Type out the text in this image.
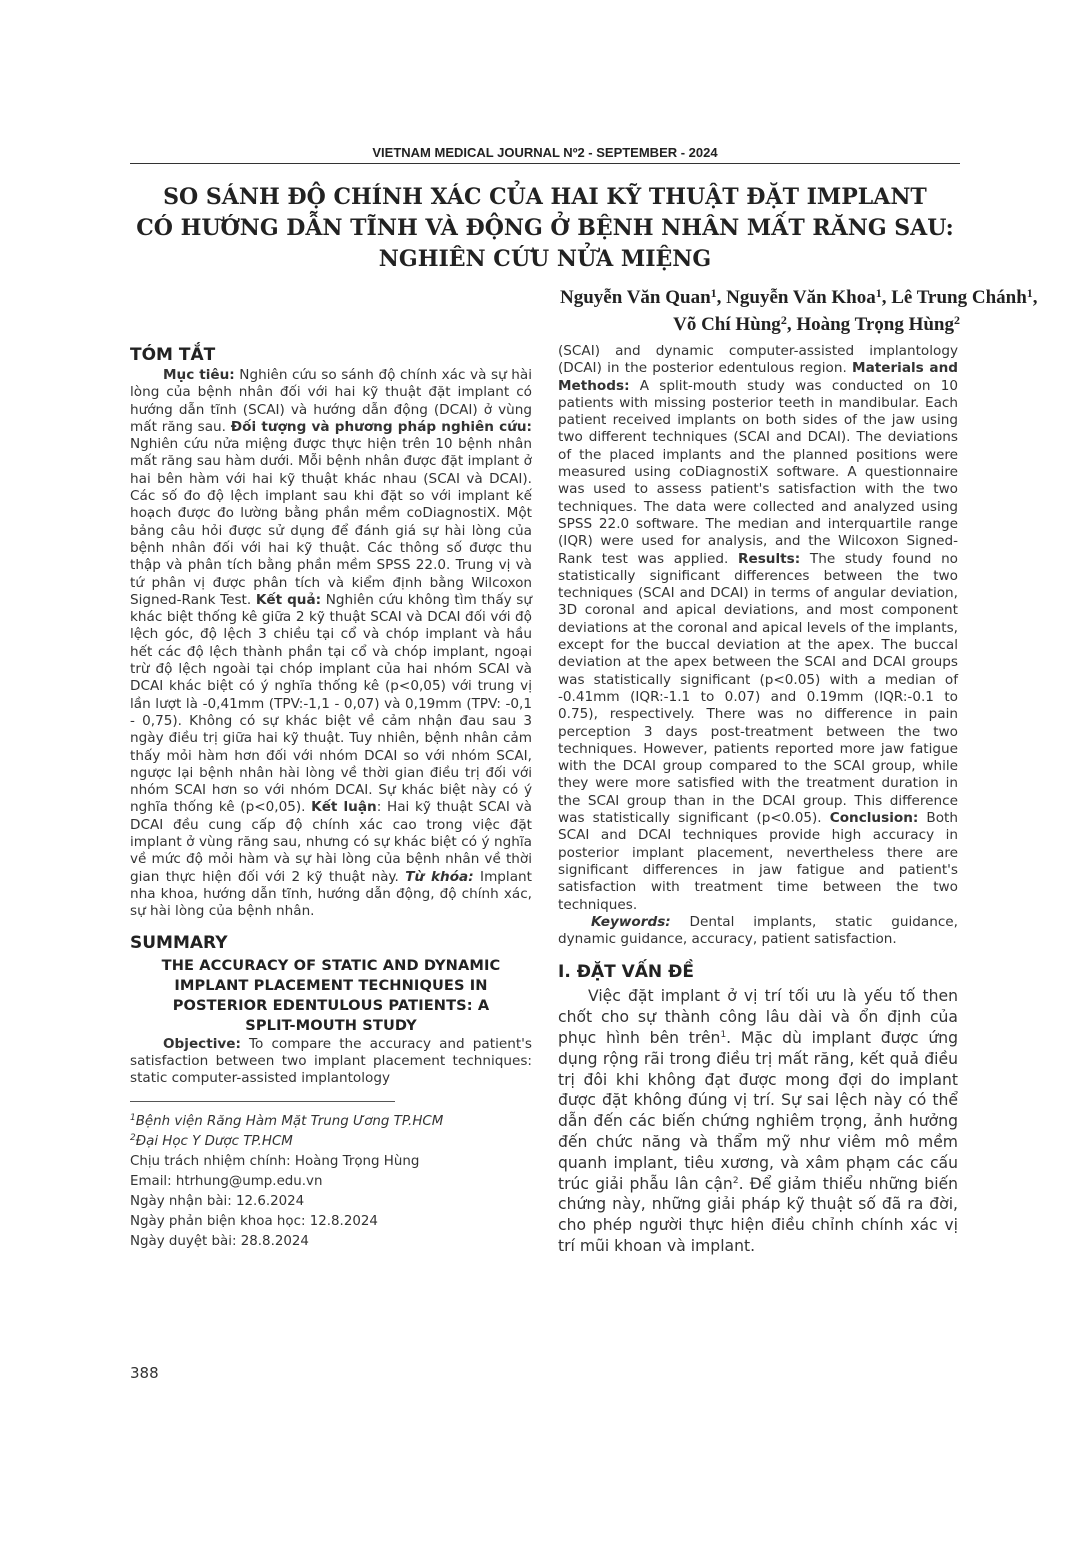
VIETNAM MEDICAL JOURNAL Nº2 - SEPTEMBER - 2024
SO SÁNH ĐỘ CHÍNH XÁC CỦA HAI KỸ THUẬT ĐẶT IMPLANT
CÓ HƯỚNG DẪN TĨNH VÀ ĐỘNG Ở BỆNH NHÂN MẤT RĂNG SAU:
NGHIÊN CỨU NỬA MIỆNG
Nguyễn Văn Quan$^1$, Nguyễn Văn Khoa$^1$, Lê Trung Chánh$^1$,
Võ Chí Hùng$^2$, Hoàng Trọng Hùng$^2$
TÓM TẮT

Mục tiêu: Nghiên cứu so sánh độ chính xác và sự hài lòng của bệnh nhân đối với hai kỹ thuật đặt implant có hướng dẫn tĩnh (SCAI) và hướng dẫn động (DCAI) ở vùng mất răng sau. Đối tượng và phương pháp nghiên cứu: Nghiên cứu nửa miệng được thực hiện trên 10 bệnh nhân mất răng sau hàm dưới. Mỗi bệnh nhân được đặt implant ở hai bên hàm với hai kỹ thuật khác nhau (SCAI và DCAI). Các số đo độ lệch implant sau khi đặt so với implant kế hoạch được đo lường bằng phần mềm coDiagnostiX. Một bảng câu hỏi được sử dụng để đánh giá sự hài lòng của bệnh nhân đối với hai kỹ thuật. Các thông số được thu thập và phân tích bằng phần mềm SPSS 22.0. Trung vị và tứ phân vị được phân tích và kiểm định bằng Wilcoxon Signed-Rank Test. Kết quả: Nghiên cứu không tìm thấy sự khác biệt thống kê giữa 2 kỹ thuật SCAI và DCAI đối với độ lệch góc, độ lệch 3 chiều tại cổ và chóp implant và hầu hết các độ lệch thành phần tại cổ và chóp implant, ngoại trừ độ lệch ngoài tại chóp implant của hai nhóm SCAI và DCAI khác biệt có ý nghĩa thống kê (p<0,05) với trung vị lần lượt là -0,41mm (TPV:-1,1 - 0,07) và 0,19mm (TPV: -0,1 - 0,75). Không có sự khác biệt về cảm nhận đau sau 3 ngày điều trị giữa hai kỹ thuật. Tuy nhiên, bệnh nhân cảm thấy mỏi hàm hơn đối với nhóm DCAI so với nhóm SCAI, ngược lại bệnh nhân hài lòng về thời gian điều trị đối với nhóm SCAI hơn so với nhóm DCAI. Sự khác biệt này có ý nghĩa thống kê (p<0,05). Kết luận: Hai kỹ thuật SCAI và DCAI đều cung cấp độ chính xác cao trong việc đặt implant ở vùng răng sau, nhưng có sự khác biệt có ý nghĩa về mức độ mỏi hàm và sự hài lòng của bệnh nhân về thời gian thực hiện đối với 2 kỹ thuật này. Từ khóa: Implant nha khoa, hướng dẫn tĩnh, hướng dẫn động, độ chính xác, sự hài lòng của bệnh nhân.

SUMMARY
THE ACCURACY OF STATIC AND DYNAMIC
IMPLANT PLACEMENT TECHNIQUES IN
POSTERIOR EDENTULOUS PATIENTS: A
SPLIT-MOUTH STUDY

Objective: To compare the accuracy and patient's satisfaction between two implant placement techniques: static computer-assisted implantology

$^1$Bệnh viện Răng Hàm Mặt Trung Ương TP.HCM

$^2$Đại Học Y Dược TP.HCM

Chịu trách nhiệm chính: Hoàng Trọng Hùng

Email: htrhung@ump.edu.vn

Ngày nhận bài: 12.6.2024

Ngày phản biện khoa học: 12.8.2024

Ngày duyệt bài: 28.8.2024

(SCAI) and dynamic computer-assisted implantology (DCAI) in the posterior edentulous region. Materials and Methods: A split-mouth study was conducted on 10 patients with missing posterior teeth in mandibular. Each patient received implants on both sides of the jaw using two different techniques (SCAI and DCAI). The deviations of the placed implants and the planned positions were measured using coDiagnostiX software. A questionnaire was used to assess patient's satisfaction with the two techniques. The data were collected and analyzed using SPSS 22.0 software. The median and interquartile range (IQR) were used for analysis, and the Wilcoxon Signed-Rank test was applied. Results: The study found no statistically significant differences between the two techniques (SCAI and DCAI) in terms of angular deviation, 3D coronal and apical deviations, and most component deviations at the coronal and apical levels of the implants, except for the buccal deviation at the apex. The buccal deviation at the apex between the SCAI and DCAI groups was statistically significant (p<0.05) with a median of -0.41mm (IQR:-1.1 to 0.07) and 0.19mm (IQR:-0.1 to 0.75), respectively. There was no difference in pain perception 3 days post-treatment between the two techniques. However, patients reported more jaw fatigue with the DCAI group compared to the SCAI group, while they were more satisfied with the treatment duration in the SCAI group than in the DCAI group. This difference was statistically significant (p<0.05). Conclusion: Both SCAI and DCAI techniques provide high accuracy in posterior implant placement, nevertheless there are significant differences in jaw fatigue and patient's satisfaction with treatment time between the two techniques.

Keywords: Dental implants, static guidance, dynamic guidance, accuracy, patient satisfaction.

I. ĐẶT VẤN ĐỀ

Việc đặt implant ở vị trí tối ưu là yếu tố then chốt cho sự thành công lâu dài và ổn định của phục hình bên trên$^1$. Mặc dù implant được ứng dụng rộng rãi trong điều trị mất răng, kết quả điều trị đôi khi không đạt được mong đợi do implant được đặt không đúng vị trí. Sự sai lệch này có thể dẫn đến các biến chứng nghiêm trọng, ảnh hưởng đến chức năng và thẩm mỹ như viêm mô mềm quanh implant, tiêu xương, và xâm phạm các cấu trúc giải phẫu lân cận$^2$. Để giảm thiểu những biến chứng này, những giải pháp kỹ thuật số đã ra đời, cho phép người thực hiện điều chỉnh chính xác vị trí mũi khoan và implant.

388
